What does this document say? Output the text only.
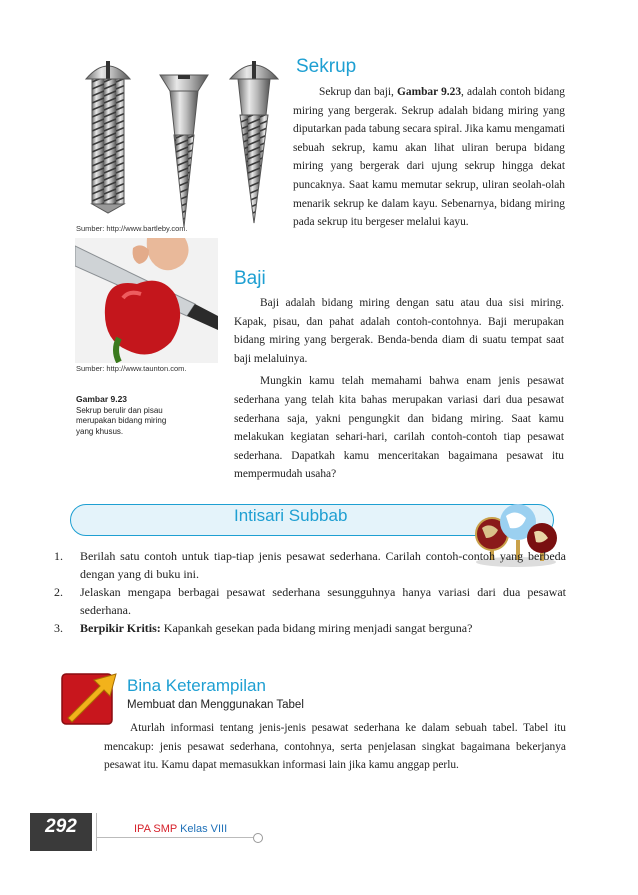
Sumber: http://www.bartleby.com.
Sumber: http://www.taunton.com.
Gambar 9.23
Sekrup berulir dan pisau merupakan bidang miring yang khusus.
Sekrup

Sekrup dan baji, Gambar 9.23, adalah contoh bidang miring yang bergerak. Sekrup adalah bidang miring yang diputarkan pada tabung secara spiral. Jika kamu mengamati sebuah sekrup, kamu akan lihat uliran berupa bidang miring yang bergerak dari ujung sekrup hingga dekat puncaknya. Saat kamu memutar sekrup, uliran seolah-olah menarik sekrup ke dalam kayu. Sebenarnya, bidang miring pada sekrup itu bergeser melalui kayu.

Baji

Baji adalah bidang miring dengan satu atau dua sisi miring. Kapak, pisau, dan pahat adalah contoh-contohnya. Baji merupakan bidang miring yang bergerak. Benda-benda diam di suatu tempat saat baji melaluinya.

Mungkin kamu telah memahami bahwa enam jenis pesawat sederhana yang telah kita bahas merupakan variasi dari dua pesawat sederhana saja, yakni pengungkit dan bidang miring. Saat kamu melakukan kegiatan sehari-hari, carilah contoh-contoh tiap pesawat sederhana. Dapatkah kamu menceritakan bagaimana pesawat itu mempermudah usaha?

Intisari Subbab
1. Berilah satu contoh untuk tiap-tiap jenis pesawat sederhana. Carilah contoh-contoh yang berbeda dengan yang di buku ini.
2. Jelaskan mengapa berbagai pesawat sederhana sesungguhnya hanya variasi dari dua pesawat sederhana.
3. Berpikir Kritis: Kapankah gesekan pada bidang miring menjadi sangat berguna?
Bina Keterampilan
Membuat dan Menggunakan Tabel

Aturlah informasi tentang jenis-jenis pesawat sederhana ke dalam sebuah tabel. Tabel itu mencakup: jenis pesawat sederhana, contohnya, serta penjelasan singkat bagaimana bekerjanya pesawat itu. Kamu dapat memasukkan informasi lain jika kamu anggap perlu.

292	IPA SMP Kelas VIII
